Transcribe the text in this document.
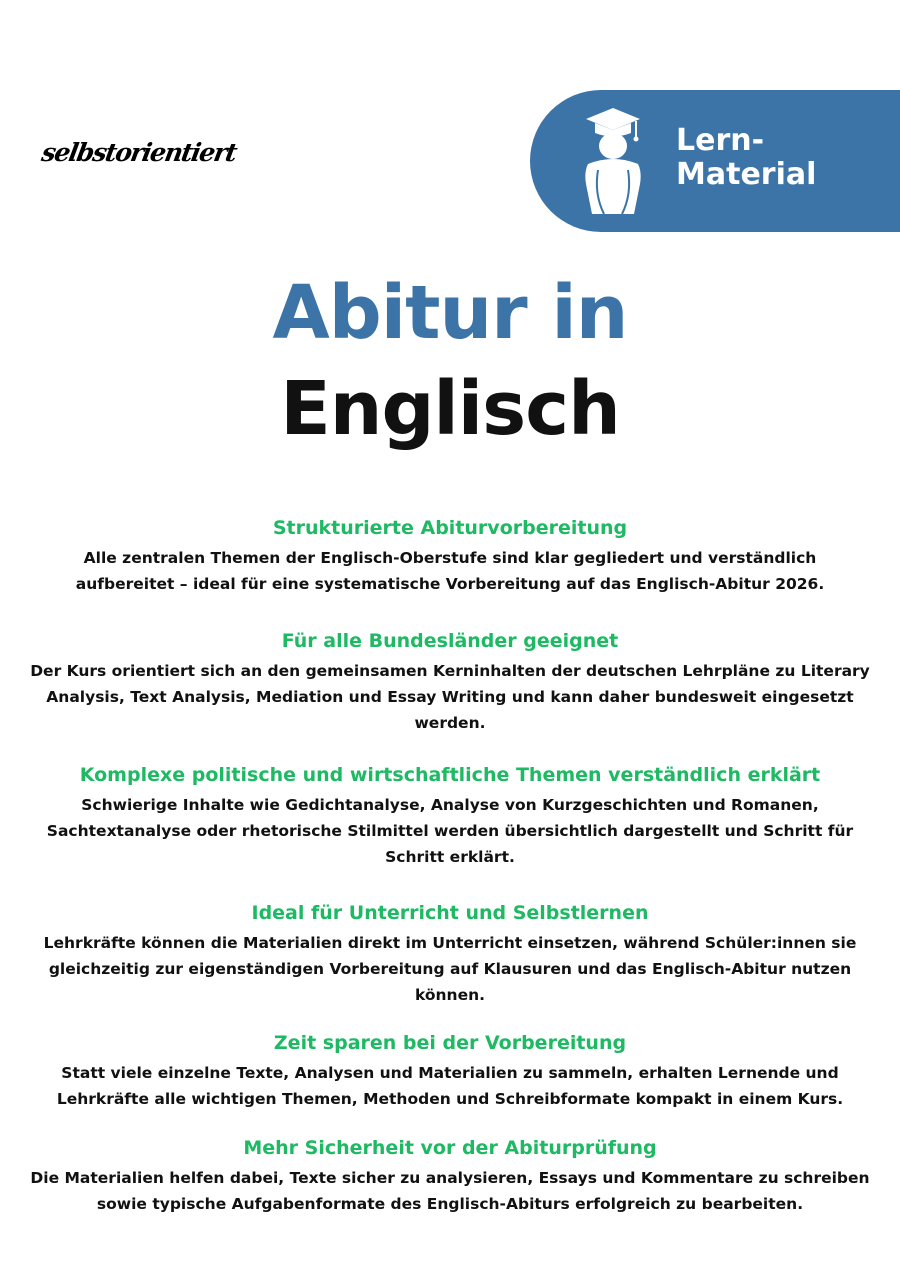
selbstorientiert	Lern-
Material
Abitur in
Englisch
Strukturierte Abiturvorbereitung

Alle zentralen Themen der Englisch-Oberstufe sind klar gegliedert und verständlich aufbereitet – ideal für eine systematische Vorbereitung auf das Englisch-Abitur 2026.

Für alle Bundesländer geeignet

Der Kurs orientiert sich an den gemeinsamen Kerninhalten der deutschen Lehrpläne zu Literary Analysis, Text Analysis, Mediation und Essay Writing und kann daher bundesweit eingesetzt werden.

Komplexe politische und wirtschaftliche Themen verständlich erklärt

Schwierige Inhalte wie Gedichtanalyse, Analyse von Kurzgeschichten und Romanen, Sachtextanalyse oder rhetorische Stilmittel werden übersichtlich dargestellt und Schritt für Schritt erklärt.

Ideal für Unterricht und Selbstlernen

Lehrkräfte können die Materialien direkt im Unterricht einsetzen, während Schüler:innen sie gleichzeitig zur eigenständigen Vorbereitung auf Klausuren und das Englisch-Abitur nutzen können.

Zeit sparen bei der Vorbereitung

Statt viele einzelne Texte, Analysen und Materialien zu sammeln, erhalten Lernende und Lehrkräfte alle wichtigen Themen, Methoden und Schreibformate kompakt in einem Kurs.

Mehr Sicherheit vor der Abiturprüfung

Die Materialien helfen dabei, Texte sicher zu analysieren, Essays und Kommentare zu schreiben sowie typische Aufgabenformate des Englisch-Abiturs erfolgreich zu bearbeiten.
